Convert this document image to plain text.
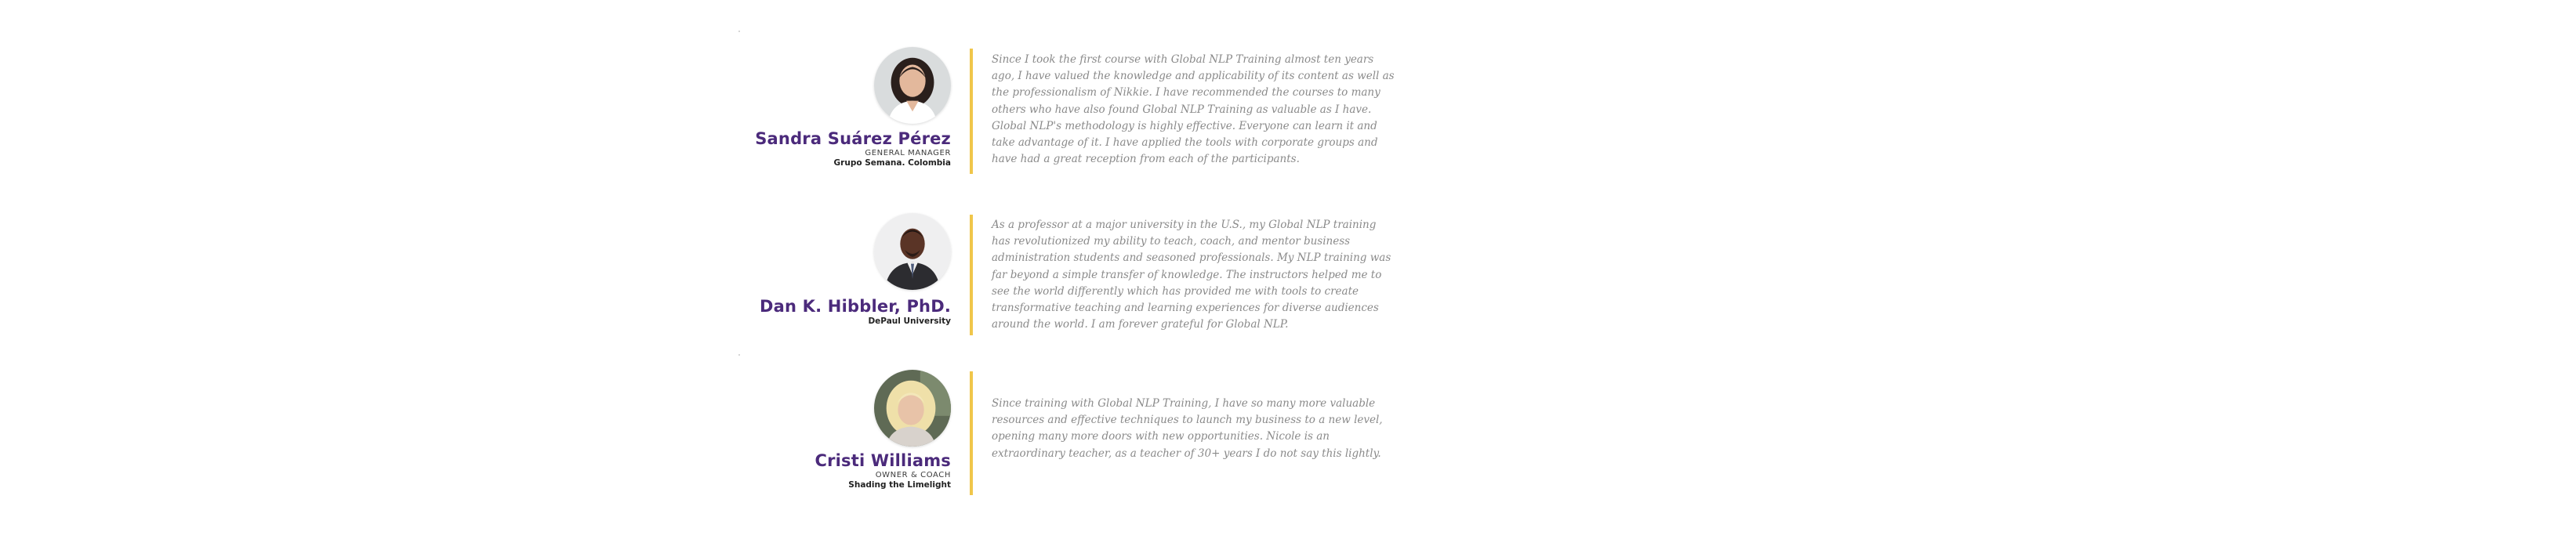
Sandra Suárez Pérez
GENERAL MANAGER
Grupo Semana. Colombia
Since I took the first course with Global NLP Training almost ten years ago, I have valued the knowledge and applicability of its content as well as the professionalism of Nikkie. I have recommended the courses to many others who have also found Global NLP Training as valuable as I have. Global NLP's methodology is highly effective. Everyone can learn it and take advantage of it. I have applied the tools with corporate groups and have had a great reception from each of the participants.
Dan K. Hibbler, PhD.
DePaul University
As a professor at a major university in the U.S., my Global NLP training has revolutionized my ability to teach, coach, and mentor business administration students and seasoned professionals. My NLP training was far beyond a simple transfer of knowledge. The instructors helped me to see the world differently which has provided me with tools to create transformative teaching and learning experiences for diverse audiences around the world. I am forever grateful for Global NLP.
Cristi Williams
OWNER & COACH
Shading the Limelight
Since training with Global NLP Training, I have so many more valuable resources and effective techniques to launch my business to a new level, opening many more doors with new opportunities. Nicole is an extraordinary teacher, as a teacher of 30+ years I do not say this lightly.
